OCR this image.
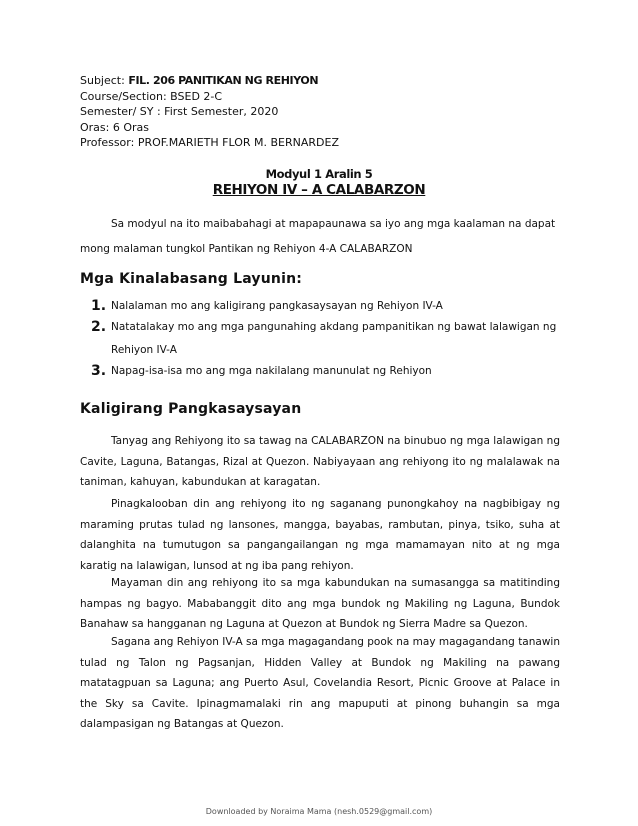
Subject: FIL. 206 PANITIKAN NG REHIYON
Course/Section: BSED 2-C
Semester/ SY : First Semester, 2020
Oras: 6 Oras
Professor: PROF.MARIETH FLOR M. BERNARDEZ
Modyul 1 Aralin 5
REHIYON IV – A CALABARZON
Sa modyul na ito maibabahagi at mapapaunawa sa iyo ang mga kaalaman na dapat
mong malaman tungkol Pantikan ng Rehiyon 4-A CALABARZON
Mga Kinalabasang Layunin:
1. Nalalaman mo ang kaligirang pangkasaysayan ng Rehiyon IV-A
2. Natatalakay mo ang mga pangunahing akdang pampanitikan ng bawat lalawigan ng
Rehiyon IV-A
3. Napag-isa-isa mo ang mga nakilalang manunulat ng Rehiyon
Kaligirang Pangkasaysayan
Tanyag ang Rehiyong ito sa tawag na CALABARZON na binubuo ng mga lalawigan ng Cavite, Laguna, Batangas, Rizal at Quezon. Nabiyayaan ang rehiyong ito ng malalawak na taniman, kahuyan, kabundukan at karagatan.
Pinagkalooban din ang rehiyong ito ng saganang punongkahoy na nagbibigay ng maraming prutas tulad ng lansones, mangga, bayabas, rambutan, pinya, tsiko, suha at dalanghita na tumutugon sa pangangailangan ng mga mamamayan nito at ng mga karatig na lalawigan, lunsod at ng iba pang rehiyon.
Mayaman din ang rehiyong ito sa mga kabundukan na sumasangga sa matitinding hampas ng bagyo. Mababanggit dito ang mga bundok ng Makiling ng Laguna, Bundok Banahaw sa hangganan ng Laguna at Quezon at Bundok ng Sierra Madre sa Quezon.
Sagana ang Rehiyon IV-A sa mga magagandang pook na may magagandang tanawin tulad ng Talon ng Pagsanjan, Hidden Valley at Bundok ng Makiling na pawang matatagpuan sa Laguna; ang Puerto Asul, Covelandia Resort, Picnic Groove at Palace in the Sky sa Cavite. Ipinagmamalaki rin ang mapuputi at pinong buhangin sa mga dalampasigan ng Batangas at Quezon.
Downloaded by Noraima Mama (nesh.0529@gmail.com)
